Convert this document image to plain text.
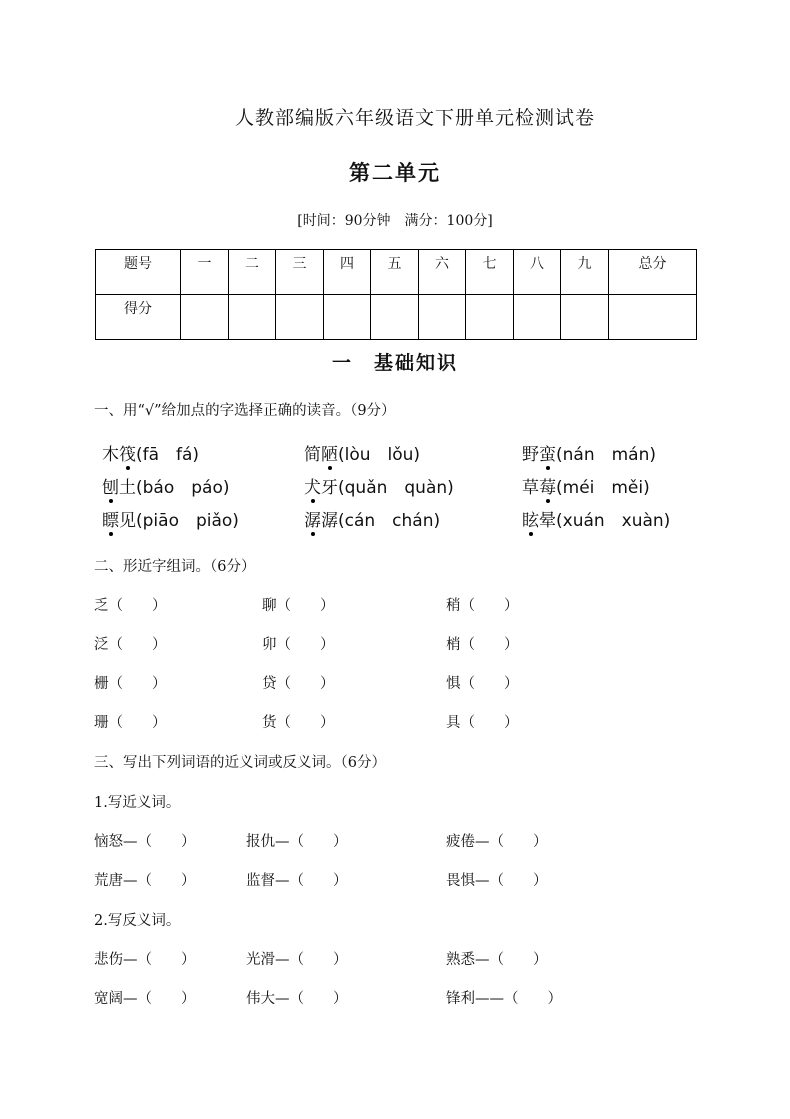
人教部编版六年级语文下册单元检测试卷
第二单元
[时间：90分钟　满分：100分]
题号	一	二	三	四	五	六	七	八	九	总分
得分										
一　基础知识
一、用“√”给加点的字选择正确的读音。（9分）
木筏(fā　fá)	简陋(lòu　lǒu)	野蛮(nán　mán)
刨土(báo　páo)	犬牙(quǎn　quàn)	草莓(méi　měi)
瞟见(piāo　piǎo)	潺潺(cán　chán)	眩晕(xuán　xuàn)
二、形近字组词。（6分）
乏（　　）	聊（　　）	稍（　　）
泛（　　）	卯（　　）	梢（　　）
栅（　　）	贷（　　）	惧（　　）
珊（　　）	货（　　）	具（　　）
三、写出下列词语的近义词或反义词。（6分）
1.写近义词。
恼怒—（　　）	报仇—（　　）	疲倦—（　　）
荒唐—（　　）	监督—（　　）	畏惧—（　　）
2.写反义词。
悲伤—（　　）	光滑—（　　）	熟悉—（　　）
宽阔—（　　）	伟大—（　　）	锋利——（　　）
